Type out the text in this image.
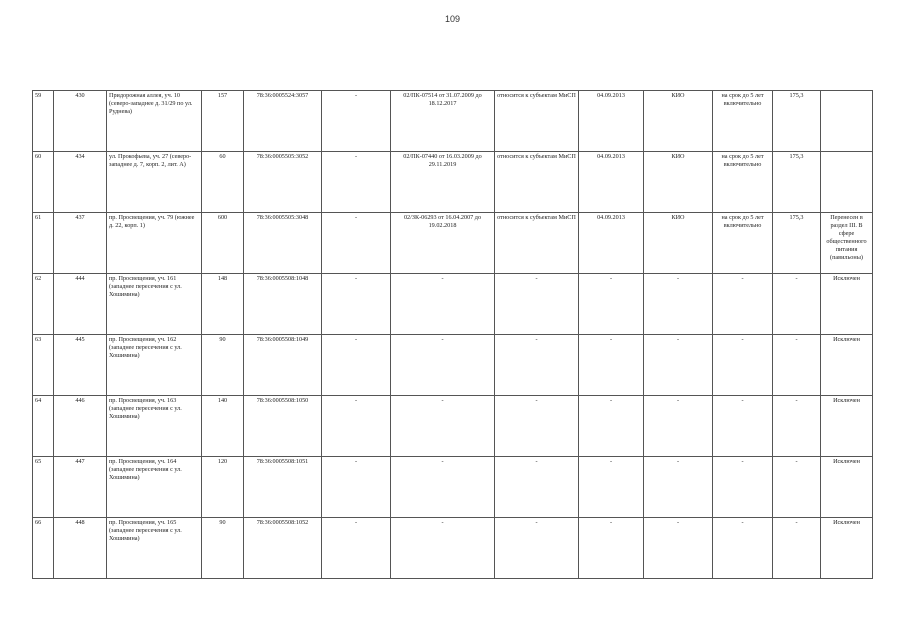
109
59	430	Придорожная аллея, уч. 10 (северо-западнее д. 31/29 по ул. Руднева)	157	78:36:0005524:3057	-	02/ПК-07514 от 31.07.2009 до 18.12.2017	относится к субъектам МиСП	04.09.2013	КИО	на срок до 5 лет включительно	175,3	
60	434	ул. Прокофьева, уч. 27 (северо-западнее д. 7, корп. 2, лит. А)	60	78:36:0005505:3052	-	02/ПК-07440 от 16.03.2009 до 29.11.2019	относится к субъектам МиСП	04.09.2013	КИО	на срок до 5 лет включительно	175,3	
61	437	пр. Просвещения, уч. 79 (южнее д. 22, корп. 1)	600	78:36:0005505:3048	-	02/ЗК-06293 от 16.04.2007 до 19.02.2018	относится к субъектам МиСП	04.09.2013	КИО	на срок до 5 лет включительно	175,3	Перенесен в раздел III. В сфере общественного питания (павильоны)
62	444	пр. Просвещения, уч. 161 (западнее пересечения с ул. Хошимина)	148	78:36:0005508:1048	-	-	-	-	-	-	-	Исключен
63	445	пр. Просвещения, уч. 162 (западнее пересечения с ул. Хошимина)	90	78:36:0005508:1049	-	-	-	-	-	-	-	Исключен
64	446	пр. Просвещения, уч. 163 (западнее пересечения с ул. Хошимина)	140	78:36:0005508:1050	-	-	-	-	-	-	-	Исключен
65	447	пр. Просвещения, уч. 164 (западнее пересечения с ул. Хошимина)	120	78:36:0005508:1051	-	-	-	-	-	-	-	Исключен
66	448	пр. Просвещения, уч. 165 (западнее пересечения с ул. Хошимина)	90	78:36:0005508:1052	-	-	-	-	-	-	-	Исключен
